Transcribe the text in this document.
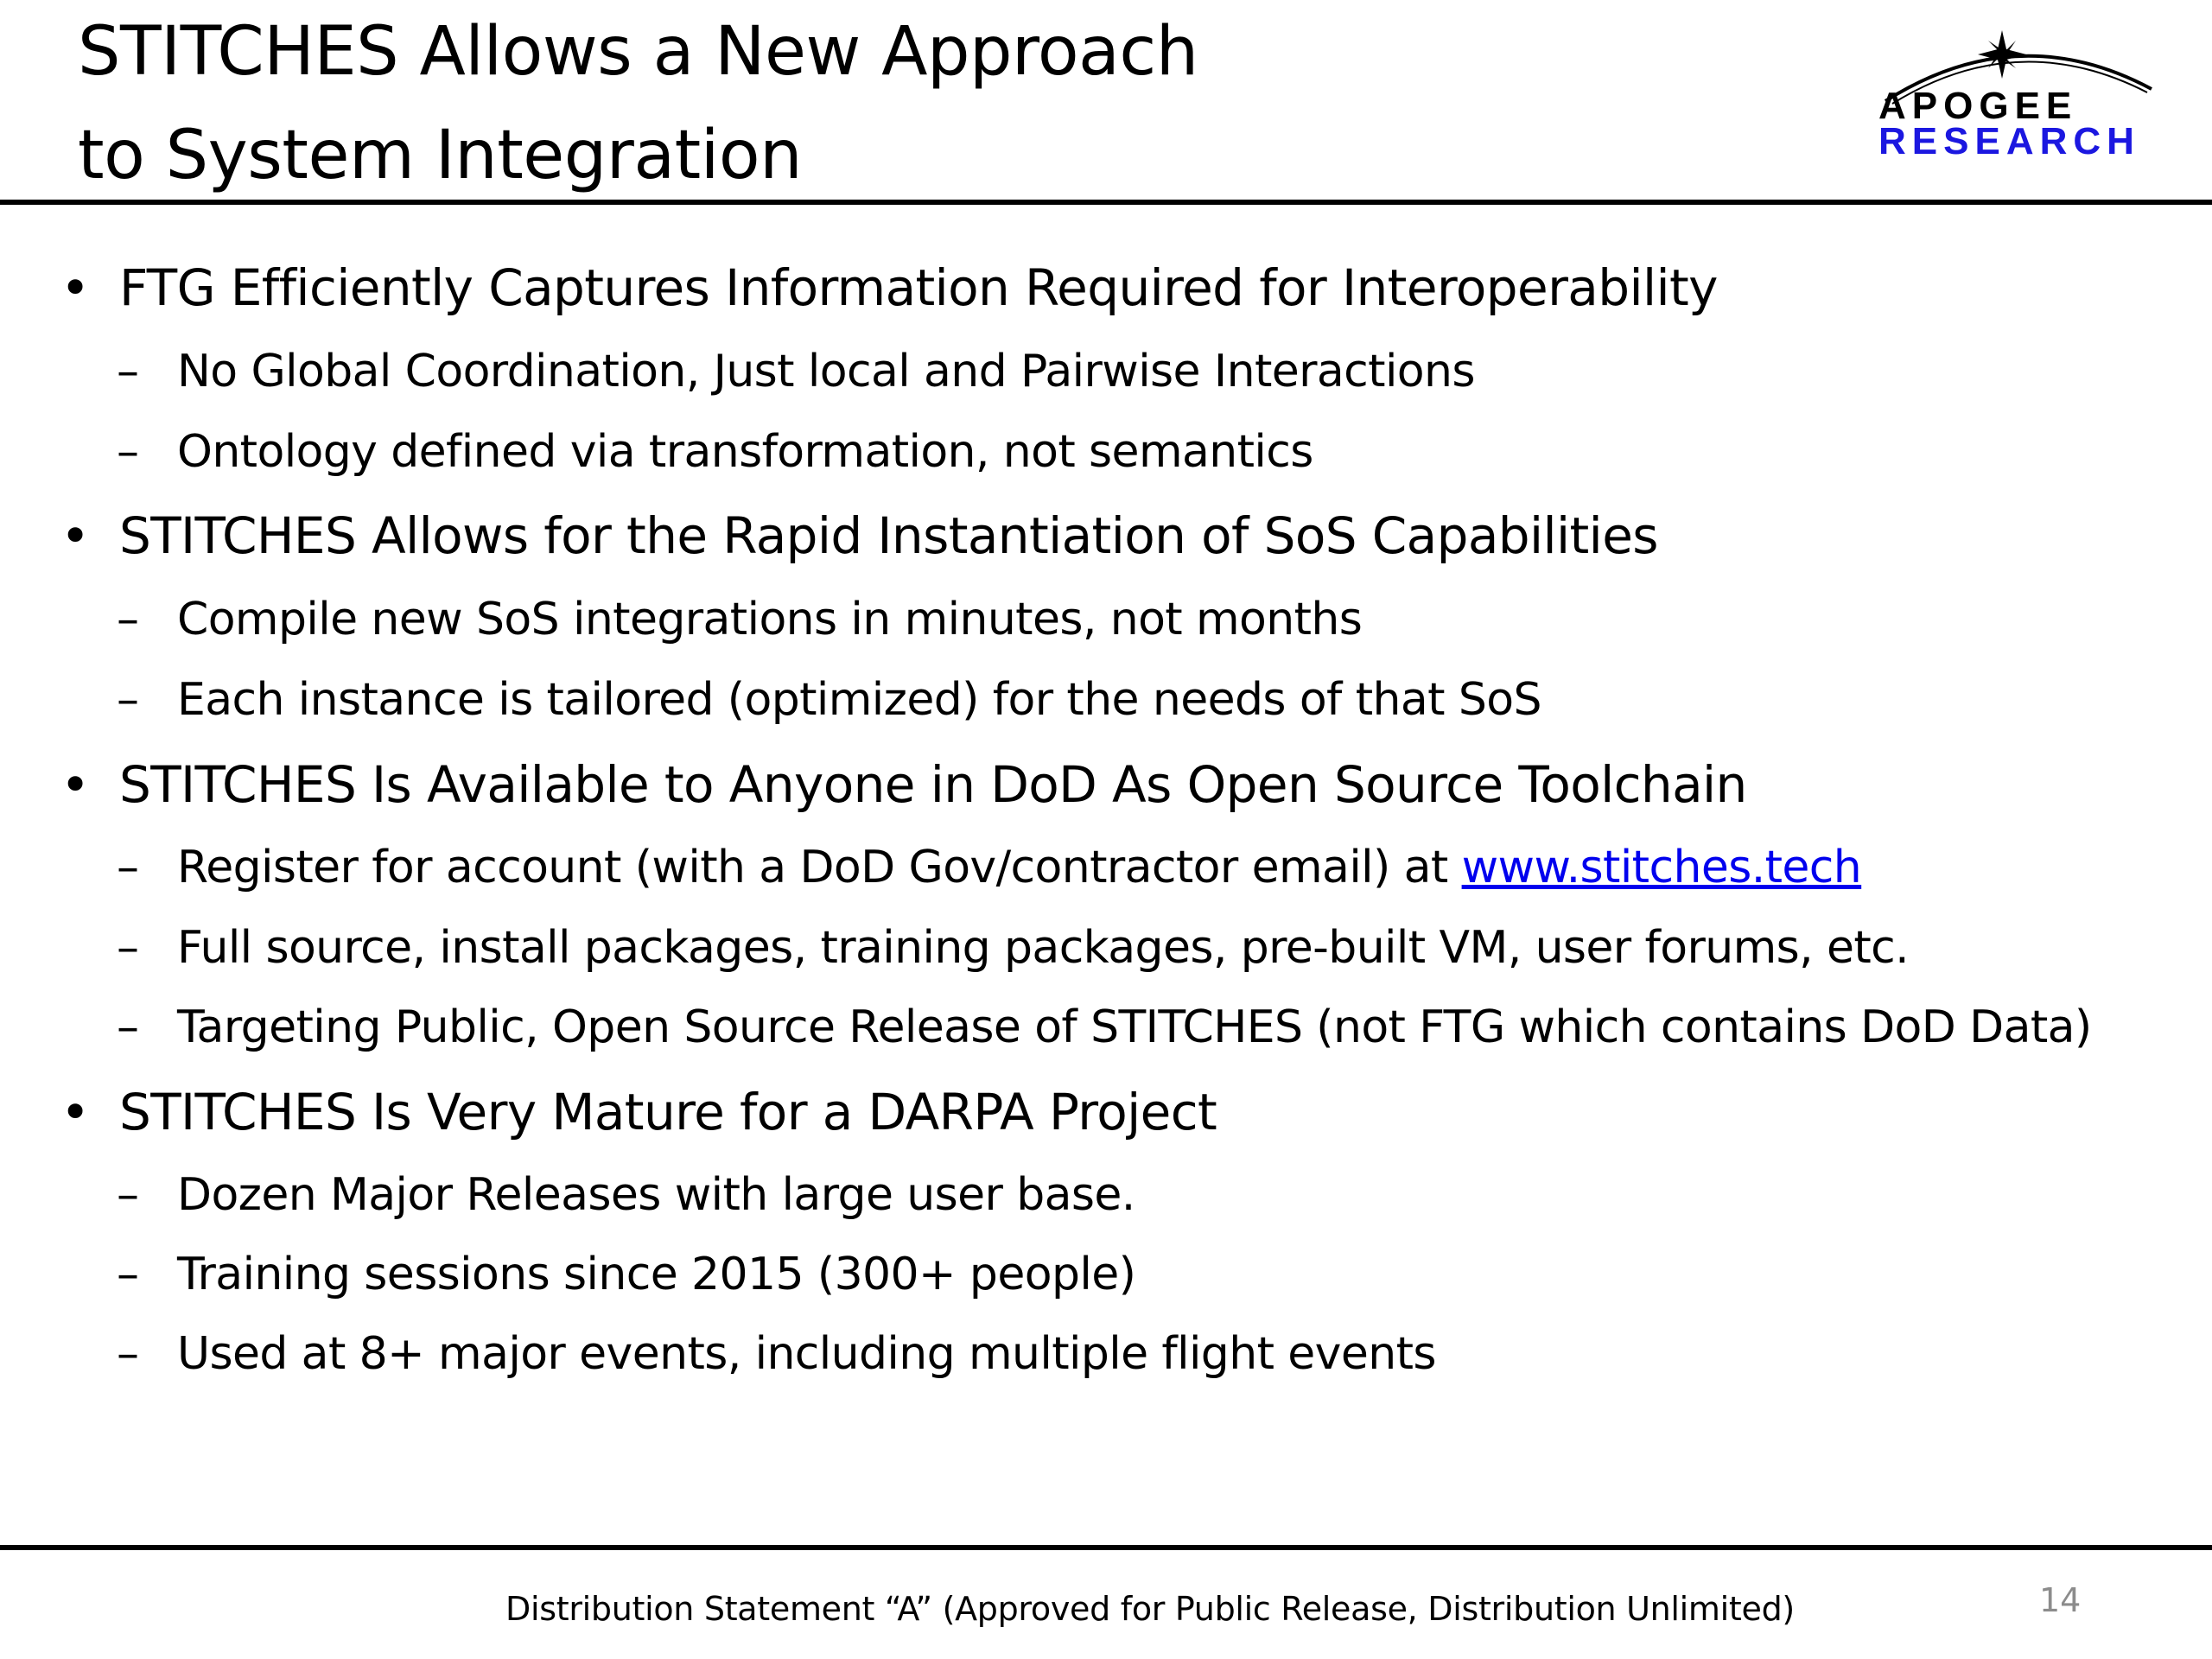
STITCHES Allows a New Approach
to System Integration
APOGEE
RESEARCH
• FTG Efficiently Captures Information Required for Interoperability
– No Global Coordination, Just local and Pairwise Interactions
– Ontology defined via transformation, not semantics
• STITCHES Allows for the Rapid Instantiation of SoS Capabilities
– Compile new SoS integrations in minutes, not months
– Each instance is tailored (optimized) for the needs of that SoS
• STITCHES Is Available to Anyone in DoD As Open Source Toolchain
– Register for account (with a DoD Gov/contractor email) at www.stitches.tech
– Full source, install packages, training packages, pre-built VM, user forums, etc.
– Targeting Public, Open Source Release of STITCHES (not FTG which contains DoD Data)
• STITCHES Is Very Mature for a DARPA Project
– Dozen Major Releases with large user base.
– Training sessions since 2015 (300+ people)
– Used at 8+ major events, including multiple flight events
Distribution Statement “A” (Approved for Public Release, Distribution Unlimited)	14
